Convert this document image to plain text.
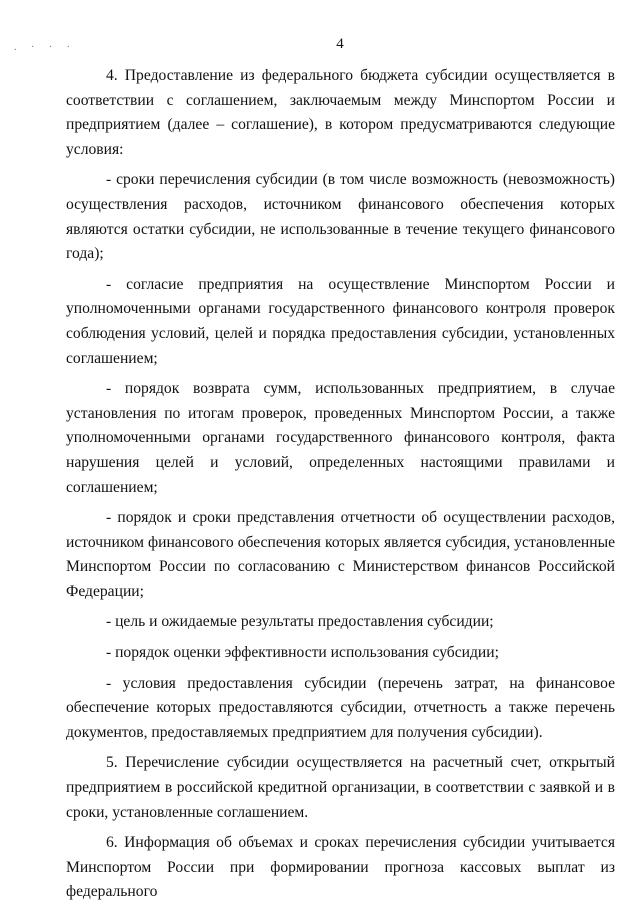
. · · ·	4

4. Предоставление из федерального бюджета субсидии осуществляется в соответствии с соглашением, заключаемым между Минспортом России и предприятием (далее – соглашение), в котором предусматриваются следующие условия:

- сроки перечисления субсидии (в том числе возможность (невозможность) осуществления расходов, источником финансового обеспечения которых являются остатки субсидии, не использованные в течение текущего финансового года);

- согласие предприятия на осуществление Минспортом России и уполномоченными органами государственного финансового контроля проверок соблюдения условий, целей и порядка предоставления субсидии, установленных соглашением;

- порядок возврата сумм, использованных предприятием, в случае установления по итогам проверок, проведенных Минспортом России, а также уполномоченными органами государственного финансового контроля, факта нарушения целей и условий, определенных настоящими правилами и соглашением;

- порядок и сроки представления отчетности об осуществлении расходов, источником финансового обеспечения которых является субсидия, установленные Минспортом России по согласованию с Министерством финансов Российской Федерации;

- цель и ожидаемые результаты предоставления субсидии;

- порядок оценки эффективности использования субсидии;

- условия предоставления субсидии (перечень затрат, на финансовое обеспечение которых предоставляются субсидии, отчетность а также перечень документов, предоставляемых предприятием для получения субсидии).

5. Перечисление субсидии осуществляется на расчетный счет, открытый предприятием в российской кредитной организации, в соответствии с заявкой и в сроки, установленные соглашением.

6. Информация об объемах и сроках перечисления субсидии учитывается Минспортом России при формировании прогноза кассовых выплат из федерального
